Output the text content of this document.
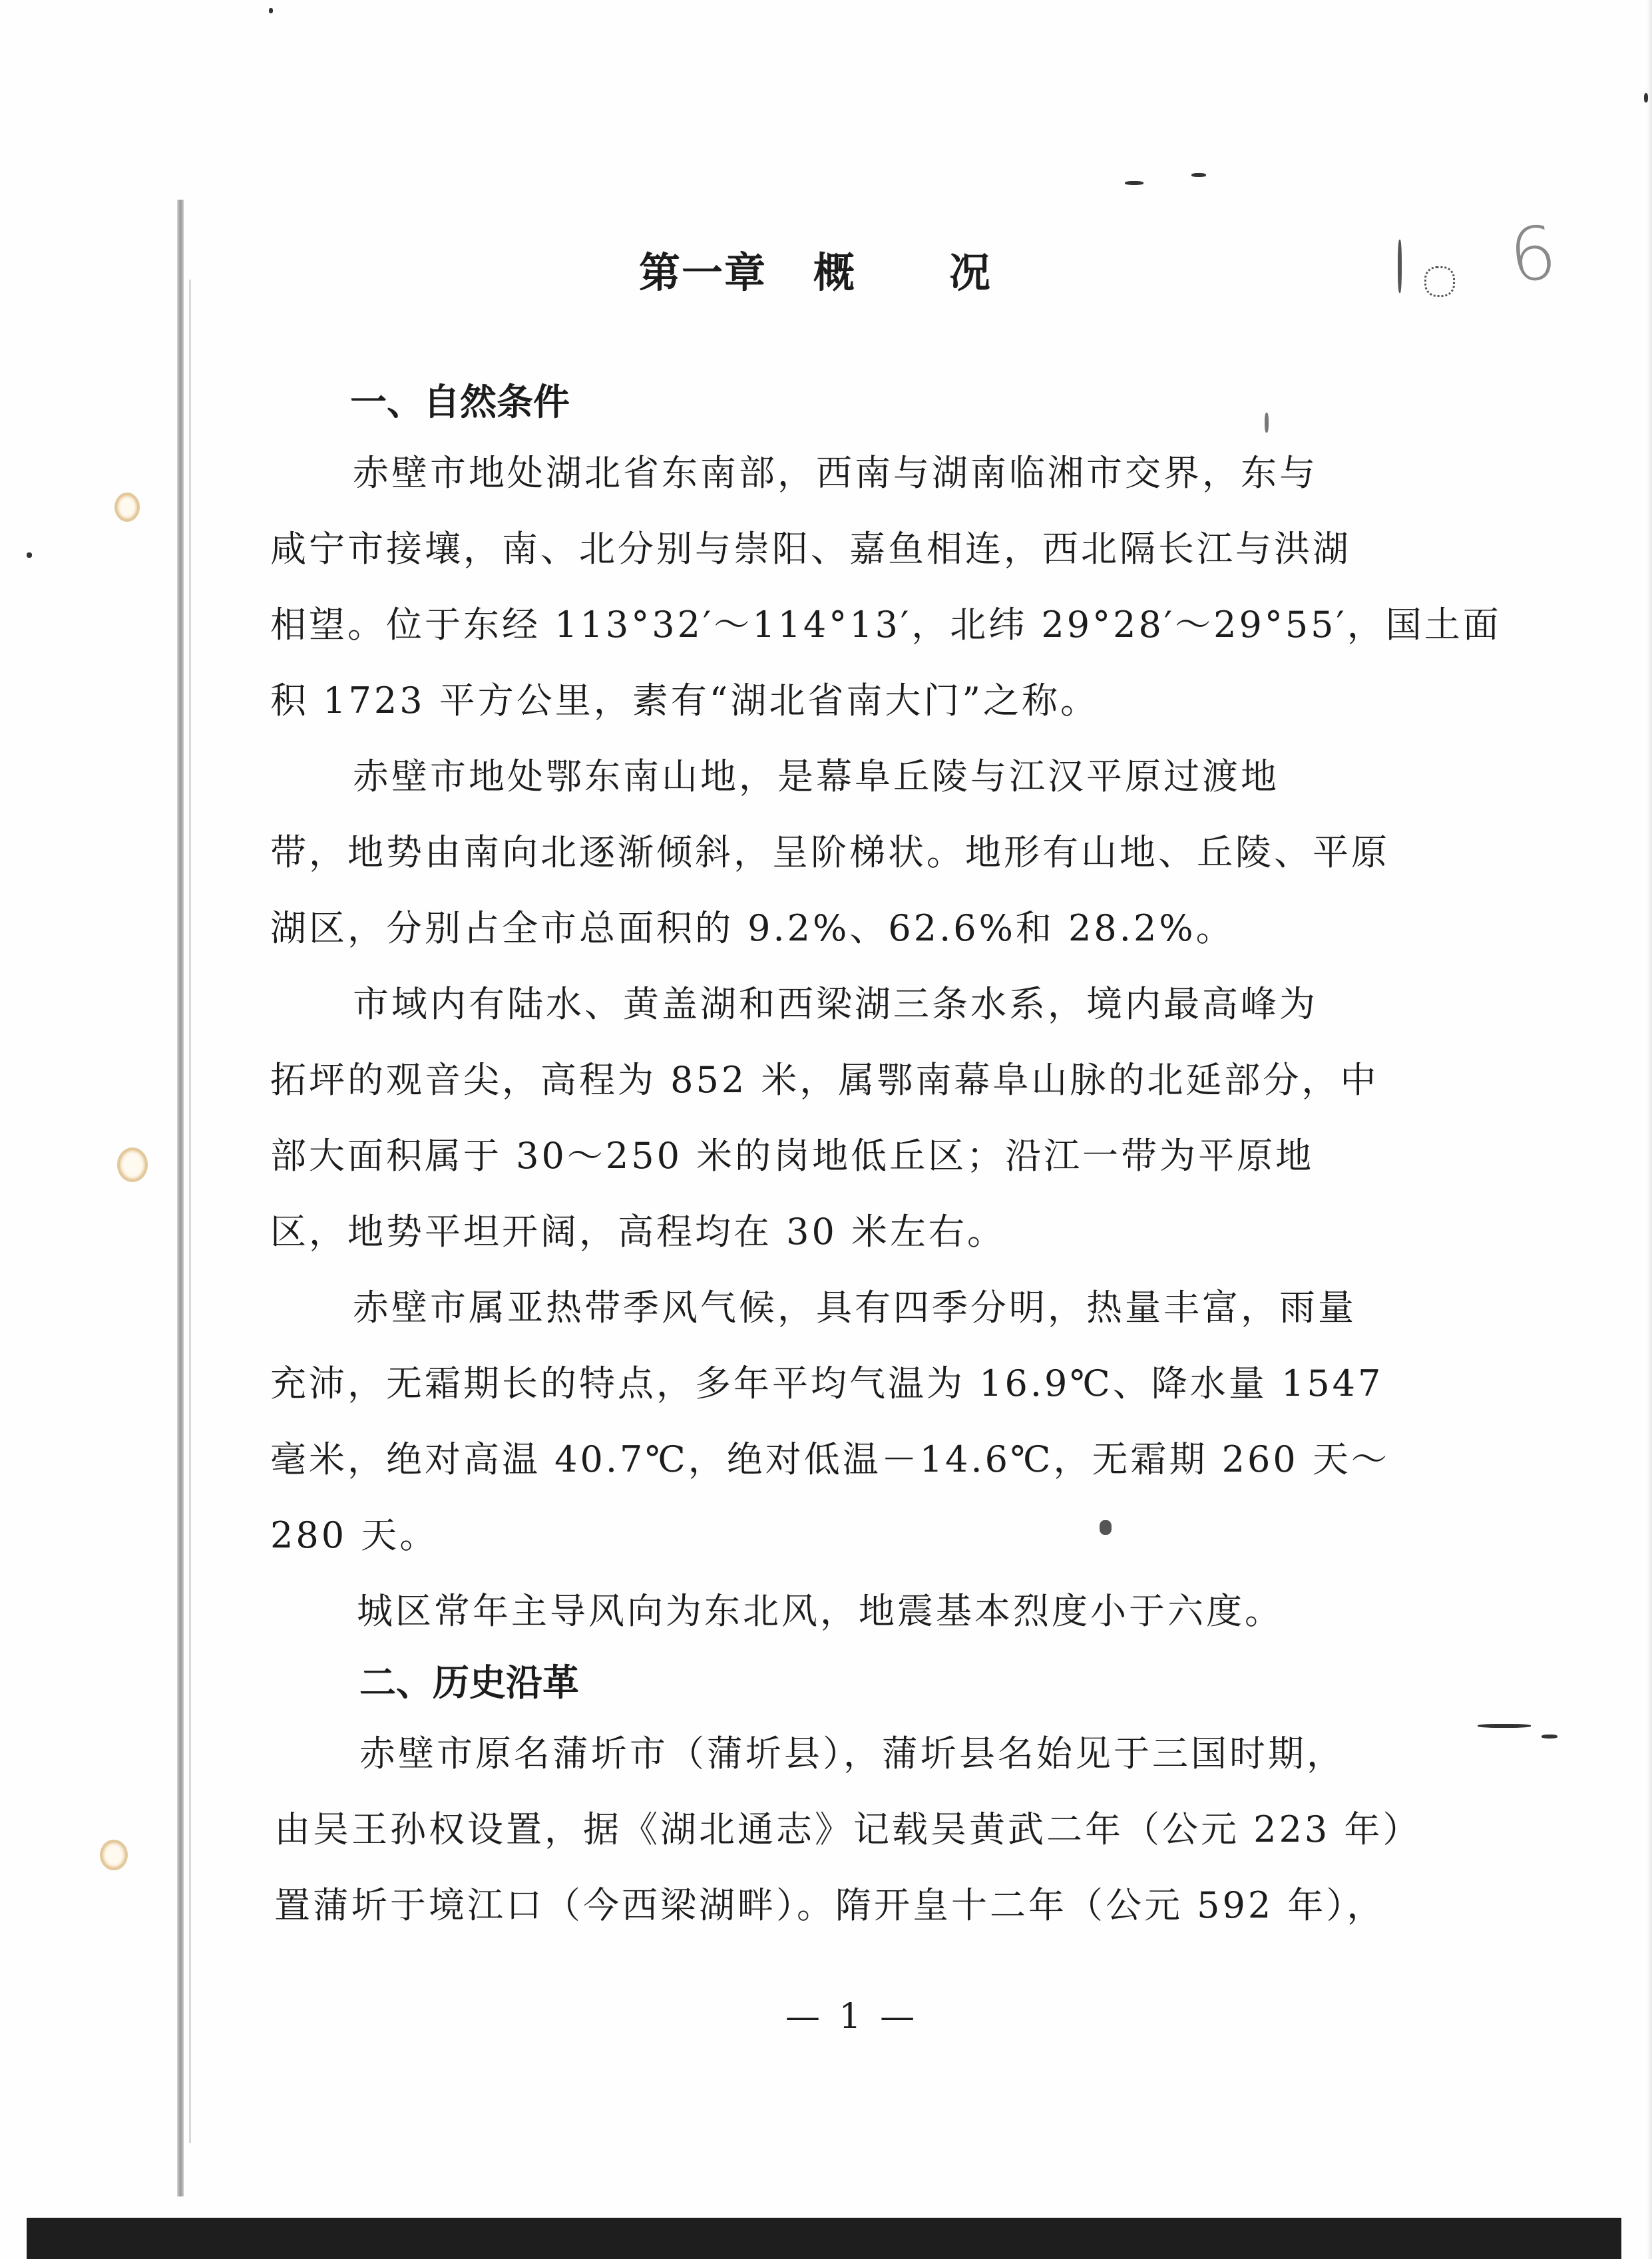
第一章 概 况	6
一、自然条件
赤壁市地处湖北省东南部，西南与湖南临湘市交界，东与
咸宁市接壤，南、北分别与崇阳、嘉鱼相连，西北隔长江与洪湖
相望。位于东经 113°32′～114°13′，北纬 29°28′～29°55′，国土面
积 1723 平方公里，素有“湖北省南大门”之称。
赤壁市地处鄂东南山地，是幕阜丘陵与江汉平原过渡地
带，地势由南向北逐渐倾斜，呈阶梯状。地形有山地、丘陵、平原
湖区，分别占全市总面积的 9.2%、62.6%和 28.2%。
市域内有陆水、黄盖湖和西梁湖三条水系，境内最高峰为
拓坪的观音尖，高程为 852 米，属鄂南幕阜山脉的北延部分，中
部大面积属于 30～250 米的岗地低丘区；沿江一带为平原地
区，地势平坦开阔，高程均在 30 米左右。
赤壁市属亚热带季风气候，具有四季分明，热量丰富，雨量
充沛，无霜期长的特点，多年平均气温为 16.9℃、降水量 1547
毫米，绝对高温 40.7℃，绝对低温－14.6℃，无霜期 260 天～
280 天。
城区常年主导风向为东北风，地震基本烈度小于六度。
二、历史沿革
赤壁市原名蒲圻市（蒲圻县），蒲圻县名始见于三国时期，
由吴王孙权设置，据《湖北通志》记载吴黄武二年（公元 223 年）
置蒲圻于境江口（今西梁湖畔）。隋开皇十二年（公元 592 年），
— 1 —
